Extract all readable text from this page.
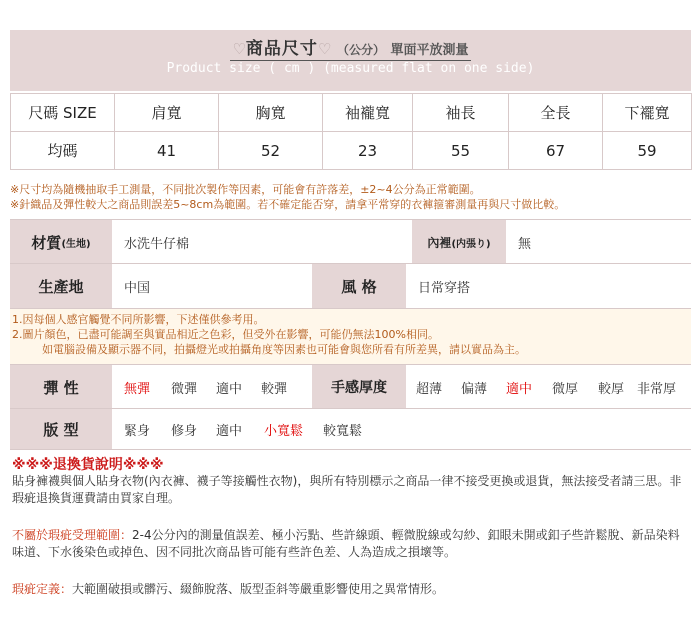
♡商品尺寸♡ （公分） 單面平放測量
Product size ( cm ) (measured flat on one side)
尺碼 SIZE	肩寬	胸寬	袖襱寬	袖長	全長	下襬寬
均碼	41	52	23	55	67	59

※尺寸均為隨機抽取手工測量，不同批次製作等因素，可能會有許落差，±2~4公分為正常範圍。

※針織品及彈性較大之商品則誤差5~8cm為範圍。若不確定能否穿，請拿平常穿的衣褲箍審測量再與尺寸做比較。

材質 (生地)	水洗牛仔棉	內裡 (内張り)	無
生產地	中国	風 格	日常穿搭

1.因每個人感官觸覺不同所影響，下述僅供參考用。

2.圖片顏色，已盡可能調至與實品相近之色彩，但受外在影響，可能仍無法100%相同。

如電腦設備及顯示器不同，拍攝燈光或拍攝角度等因素也可能會與您所看有所差異，請以實品為主。

彈 性	無彈	微彈	適中	較彈	手感厚度	超薄	偏薄	適中	微厚	較厚 非常厚
版 型	緊身	修身	適中	小寬鬆	較寬鬆
※※※退換貨說明※※※

貼身褲襪與個人貼身衣物(內衣褲、襪子等接觸性衣物)，與所有特別標示之商品一律不接受更換或退貨，無法接受者請三思。非瑕疵退換貨運費請由買家自理。

不屬於瑕疵受理範圍：2-4公分內的測量值誤差、極小污點、些許線頭、輕微脫線或勾紗、釦眼未開或釦子些許鬆脫、新品染料味道、下水後染色或掉色、因不同批次商品皆可能有些許色差、人為造成之損壞等。

瑕疵定義：大範圍破損或髒污、綴飾脫落、版型歪斜等嚴重影響使用之異常情形。
